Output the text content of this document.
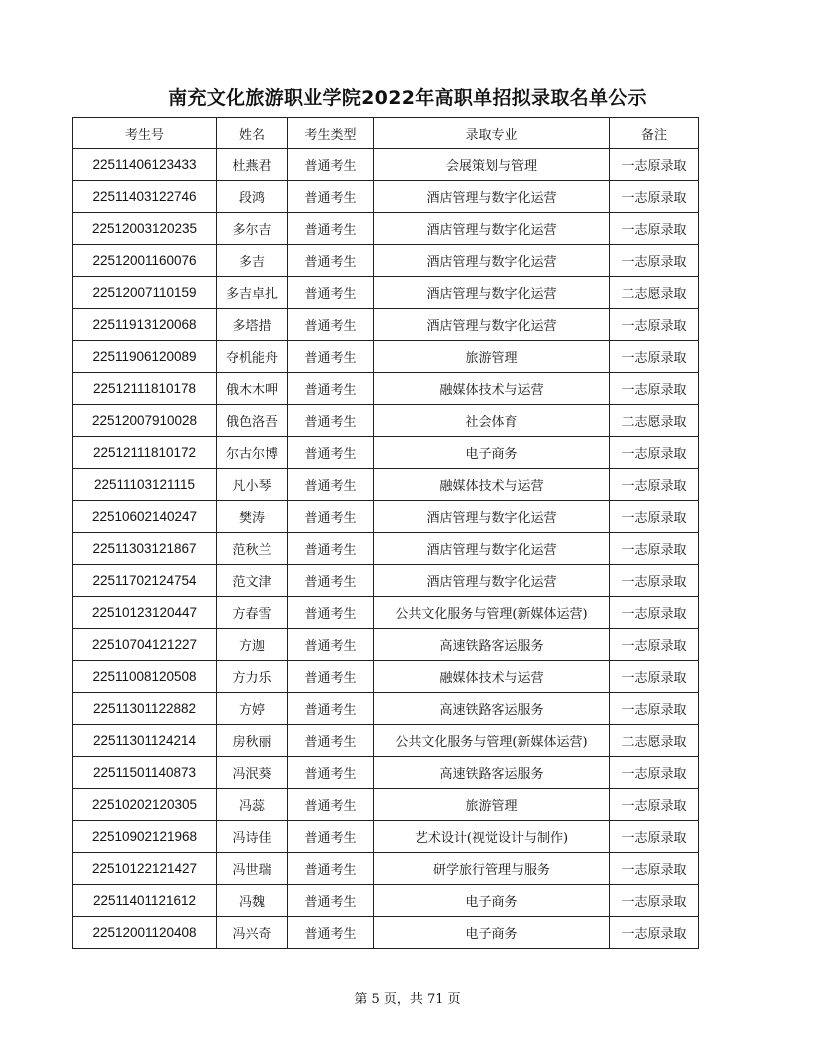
南充文化旅游职业学院2022年高职单招拟录取名单公示
考生号	姓名	考生类型	录取专业	备注
22511406123433	杜燕君	普通考生	会展策划与管理	一志原录取
22511403122746	段鸿	普通考生	酒店管理与数字化运营	一志原录取
22512003120235	多尔吉	普通考生	酒店管理与数字化运营	一志原录取
22512001160076	多吉	普通考生	酒店管理与数字化运营	一志原录取
22512007110159	多吉卓扎	普通考生	酒店管理与数字化运营	二志愿录取
22511913120068	多塔措	普通考生	酒店管理与数字化运营	一志原录取
22511906120089	夺机能舟	普通考生	旅游管理	一志原录取
22512111810178	俄木木呷	普通考生	融媒体技术与运营	一志原录取
22512007910028	俄色洛吾	普通考生	社会体育	二志愿录取
22512111810172	尔古尔博	普通考生	电子商务	一志原录取
22511103121115	凡小琴	普通考生	融媒体技术与运营	一志原录取
22510602140247	樊涛	普通考生	酒店管理与数字化运营	一志原录取
22511303121867	范秋兰	普通考生	酒店管理与数字化运营	一志原录取
22511702124754	范文津	普通考生	酒店管理与数字化运营	一志原录取
22510123120447	方春雪	普通考生	公共文化服务与管理(新媒体运营)	一志原录取
22510704121227	方迦	普通考生	高速铁路客运服务	一志原录取
22511008120508	方力乐	普通考生	融媒体技术与运营	一志原录取
22511301122882	方婷	普通考生	高速铁路客运服务	一志原录取
22511301124214	房秋丽	普通考生	公共文化服务与管理(新媒体运营)	二志愿录取
22511501140873	冯泯葵	普通考生	高速铁路客运服务	一志原录取
22510202120305	冯蕊	普通考生	旅游管理	一志原录取
22510902121968	冯诗佳	普通考生	艺术设计(视觉设计与制作)	一志原录取
22510122121427	冯世瑞	普通考生	研学旅行管理与服务	一志原录取
22511401121612	冯魏	普通考生	电子商务	一志原录取
22512001120408	冯兴奇	普通考生	电子商务	一志原录取
第 5 页，共 71 页
